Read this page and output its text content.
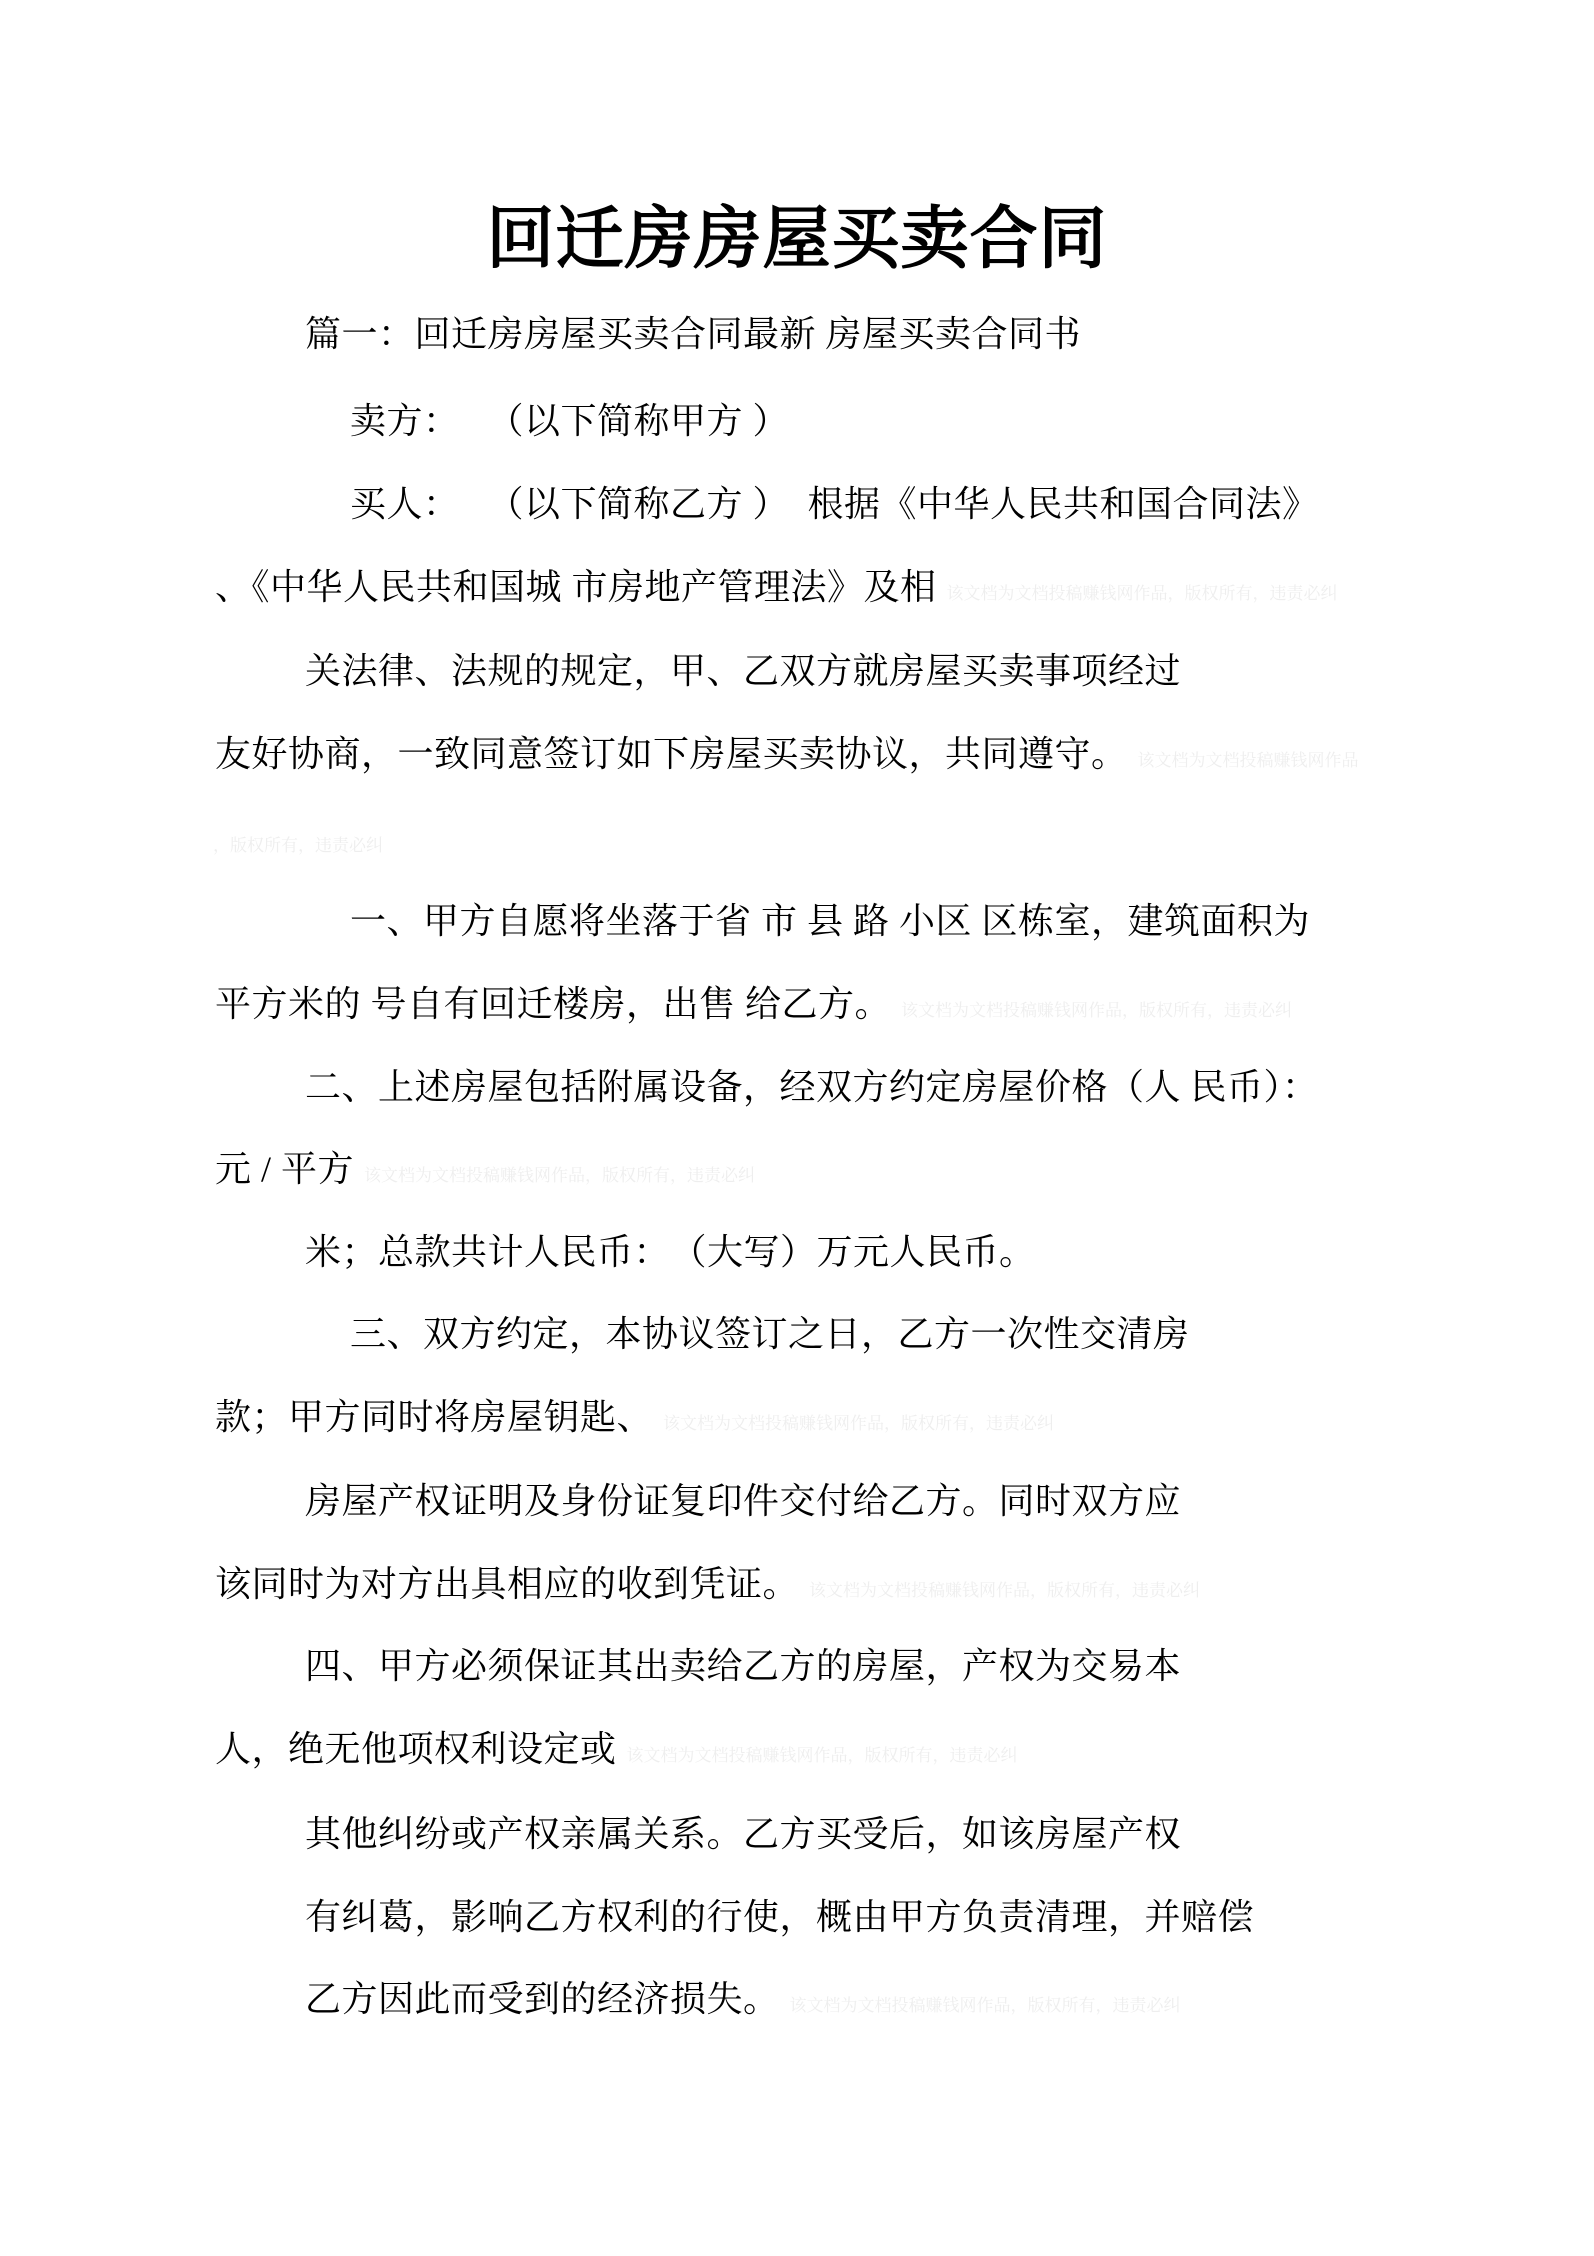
回迁房房屋买卖合同
篇一：回迁房房屋买卖合同最新 房屋买卖合同书
卖方：　 （以下简称甲方 ）
买人：　 （以下简称乙方 ）　根据《中华人民共和国合同法》
、《中华人民共和国城 市房地产管理法》及相 该文档为文档投稿赚钱网作品，版权所有，违责必纠
关法律、法规的规定，甲、乙双方就房屋买卖事项经过
友好协商，一致同意签订如下房屋买卖协议，共同遵守。 该文档为文档投稿赚钱网作品
，版权所有，违责必纠
一、甲方自愿将坐落于省 市 县 路 小区 区栋室，建筑面积为
平方米的 号自有回迁楼房，出售 给乙方。 该文档为文档投稿赚钱网作品，版权所有，违责必纠
二、上述房屋包括附属设备，经双方约定房屋价格（人 民币）：
元 / 平方 该文档为文档投稿赚钱网作品，版权所有，违责必纠
米；总款共计人民币：　（大写）万元人民币。
三、双方约定，本协议签订之日，乙方一次性交清房
款；甲方同时将房屋钥匙、 该文档为文档投稿赚钱网作品，版权所有，违责必纠
房屋产权证明及身份证复印件交付给乙方。同时双方应
该同时为对方出具相应的收到凭证。 该文档为文档投稿赚钱网作品，版权所有，违责必纠
四、甲方必须保证其出卖给乙方的房屋，产权为交易本
人，绝无他项权利设定或 该文档为文档投稿赚钱网作品，版权所有，违责必纠
其他纠纷或产权亲属关系。乙方买受后，如该房屋产权
有纠葛，影响乙方权利的行使，概由甲方负责清理，并赔偿
乙方因此而受到的经济损失。 该文档为文档投稿赚钱网作品，版权所有，违责必纠
